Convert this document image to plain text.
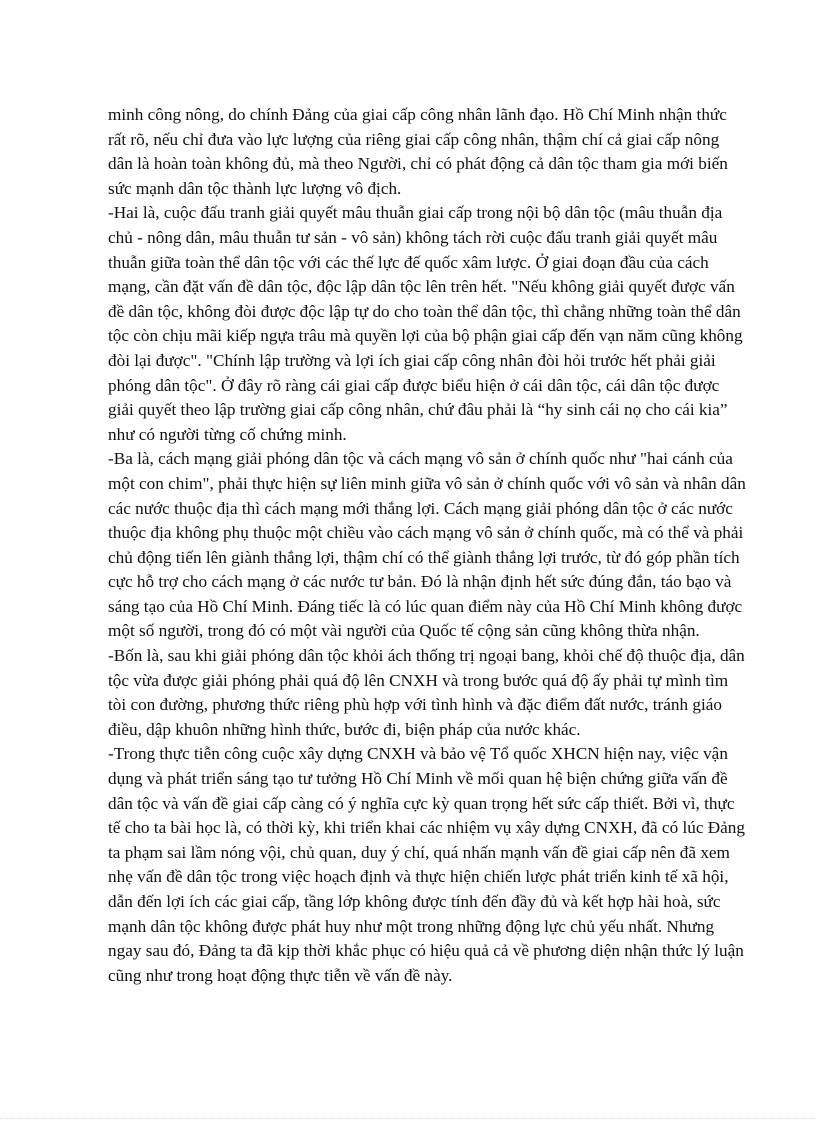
minh công nông, do chính Đảng của giai cấp công nhân lãnh đạo. Hồ Chí Minh nhận thức rất rõ, nếu chỉ đưa vào lực lượng của riêng giai cấp công nhân, thậm chí cả giai cấp nông dân là hoàn toàn không đủ, mà theo Người, chỉ có phát động cả dân tộc tham gia mới biến sức mạnh dân tộc thành lực lượng vô địch.

-Hai là, cuộc đấu tranh giải quyết mâu thuẫn giai cấp trong nội bộ dân tộc (mâu thuẫn địa chủ - nông dân, mâu thuẫn tư sản - vô sản) không tách rời cuộc đấu tranh giải quyết mâu thuẫn giữa toàn thể dân tộc với các thế lực đế quốc xâm lược. Ở giai đoạn đầu của cách mạng, cần đặt vấn đề dân tộc, độc lập dân tộc lên trên hết. "Nếu không giải quyết được vấn đề dân tộc, không đòi được độc lập tự do cho toàn thể dân tộc, thì chẳng những toàn thể dân tộc còn chịu mãi kiếp ngựa trâu mà quyền lợi của bộ phận giai cấp đến vạn năm cũng không đòi lại được". "Chính lập trường và lợi ích giai cấp công nhân đòi hỏi trước hết phải giải phóng dân tộc". Ở đây rõ ràng cái giai cấp được biểu hiện ở cái dân tộc, cái dân tộc được giải quyết theo lập trường giai cấp công nhân, chứ đâu phải là “hy sinh cái nọ cho cái kia” như có người từng cố chứng minh.

-Ba là, cách mạng giải phóng dân tộc và cách mạng vô sản ở chính quốc như "hai cánh của một con chim", phải thực hiện sự liên minh giữa vô sản ở chính quốc với vô sản và nhân dân các nước thuộc địa thì cách mạng mới thắng lợi. Cách mạng giải phóng dân tộc ở các nước thuộc địa không phụ thuộc một chiều vào cách mạng vô sản ở chính quốc, mà có thể và phải chủ động tiến lên giành thắng lợi, thậm chí có thể giành thắng lợi trước, từ đó góp phần tích cực hỗ trợ cho cách mạng ở các nước tư bản. Đó là nhận định hết sức đúng đắn, táo bạo và sáng tạo của Hồ Chí Minh. Đáng tiếc là có lúc quan điểm này của Hồ Chí Minh không được một số người, trong đó có một vài người của Quốc tế cộng sản cũng không thừa nhận.

-Bốn là, sau khi giải phóng dân tộc khỏi ách thống trị ngoại bang, khỏi chế độ thuộc địa, dân tộc vừa được giải phóng phải quá độ lên CNXH và trong bước quá độ ấy phải tự mình tìm tòi con đường, phương thức riêng phù hợp với tình hình và đặc điểm đất nước, tránh giáo điều, dập khuôn những hình thức, bước đi, biện pháp của nước khác.

-Trong thực tiễn công cuộc xây dựng CNXH và bảo vệ Tổ quốc XHCN hiện nay, việc vận dụng và phát triển sáng tạo tư tưởng Hồ Chí Minh về mối quan hệ biện chứng giữa vấn đề dân tộc và vấn đề giai cấp càng có ý nghĩa cực kỳ quan trọng hết sức cấp thiết. Bởi vì, thực tế cho ta bài học là, có thời kỳ, khi triển khai các nhiệm vụ xây dựng CNXH, đã có lúc Đảng ta phạm sai lầm nóng vội, chủ quan, duy ý chí, quá nhấn mạnh vấn đề giai cấp nên đã xem nhẹ vấn đề dân tộc trong việc hoạch định và thực hiện chiến lược phát triển kinh tế xã hội, dẫn đến lợi ích các giai cấp, tầng lớp không được tính đến đầy đủ và kết hợp hài hoà, sức mạnh dân tộc không được phát huy như một trong những động lực chủ yếu nhất. Nhưng ngay sau đó, Đảng ta đã kịp thời khắc phục có hiệu quả cả về phương diện nhận thức lý luận cũng như trong hoạt động thực tiễn về vấn đề này.
